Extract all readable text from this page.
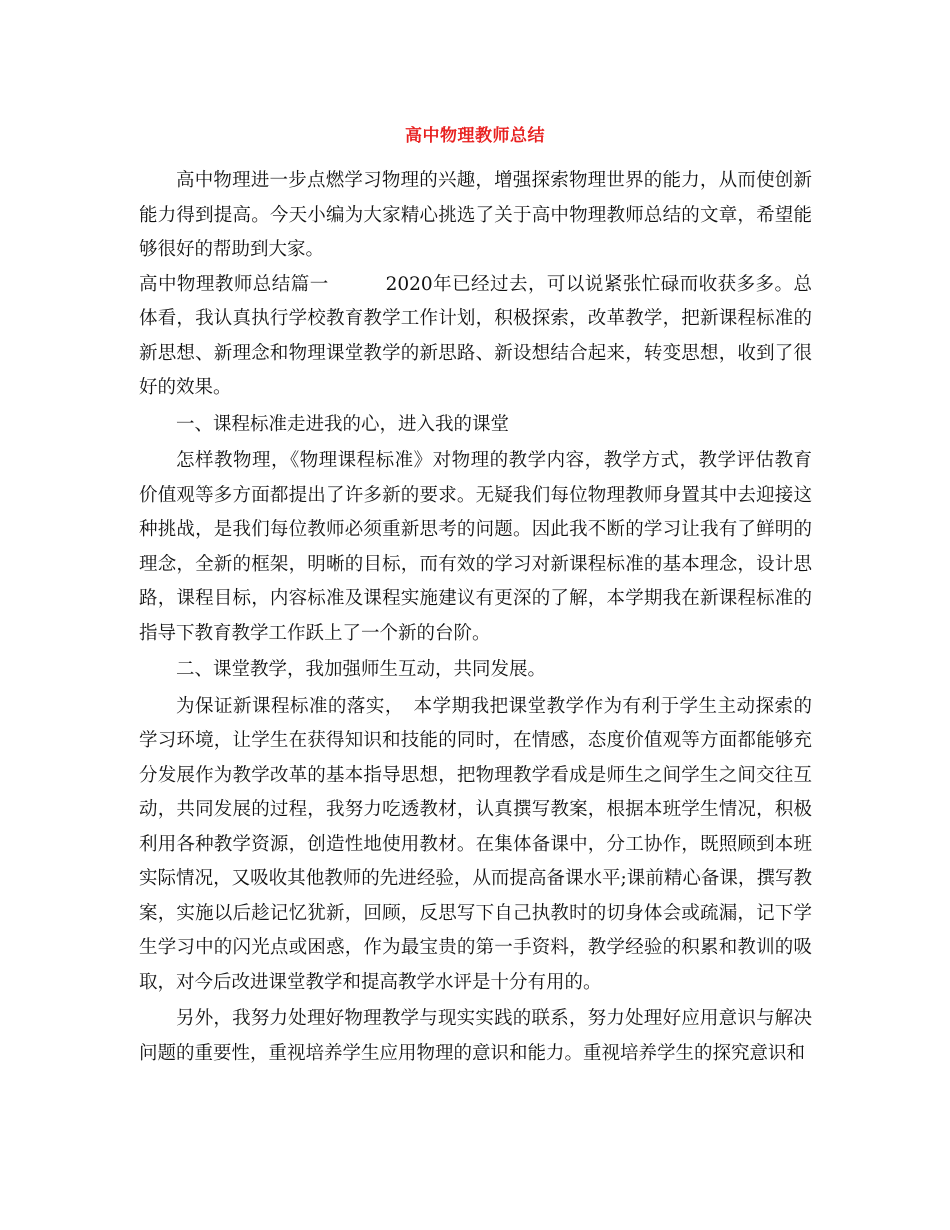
高中物理教师总结

高中物理进一步点燃学习物理的兴趣，增强探索物理世界的能力，从而使创新能力得到提高。今天小编为大家精心挑选了关于高中物理教师总结的文章，希望能够很好的帮助到大家。

高中物理教师总结篇一　　　2020年已经过去，可以说紧张忙碌而收获多多。总体看，我认真执行学校教育教学工作计划，积极探索，改革教学，把新课程标准的新思想、新理念和物理课堂教学的新思路、新设想结合起来，转变思想，收到了很好的效果。

一、课程标准走进我的心，进入我的课堂

怎样教物理，《物理课程标准》对物理的教学内容，教学方式，教学评估教育价值观等多方面都提出了许多新的要求。无疑我们每位物理教师身置其中去迎接这种挑战，是我们每位教师必须重新思考的问题。因此我不断的学习让我有了鲜明的理念，全新的框架，明晰的目标，而有效的学习对新课程标准的基本理念，设计思路，课程目标，内容标准及课程实施建议有更深的了解，本学期我在新课程标准的指导下教育教学工作跃上了一个新的台阶。

二、课堂教学，我加强师生互动，共同发展。

为保证新课程标准的落实，　本学期我把课堂教学作为有利于学生主动探索的学习环境，让学生在获得知识和技能的同时，在情感，态度价值观等方面都能够充分发展作为教学改革的基本指导思想，把物理教学看成是师生之间学生之间交往互动，共同发展的过程，我努力吃透教材，认真撰写教案，根据本班学生情况，积极利用各种教学资源，创造性地使用教材。在集体备课中，分工协作，既照顾到本班实际情况，又吸收其他教师的先进经验，从而提高备课水平;课前精心备课，撰写教案，实施以后趁记忆犹新，回顾，反思写下自己执教时的切身体会或疏漏，记下学生学习中的闪光点或困惑，作为最宝贵的第一手资料，教学经验的积累和教训的吸取，对今后改进课堂教学和提高教学水评是十分有用的。

另外，我努力处理好物理教学与现实实践的联系，努力处理好应用意识与解决问题的重要性，重视培养学生应用物理的意识和能力。重视培养学生的探究意识和
